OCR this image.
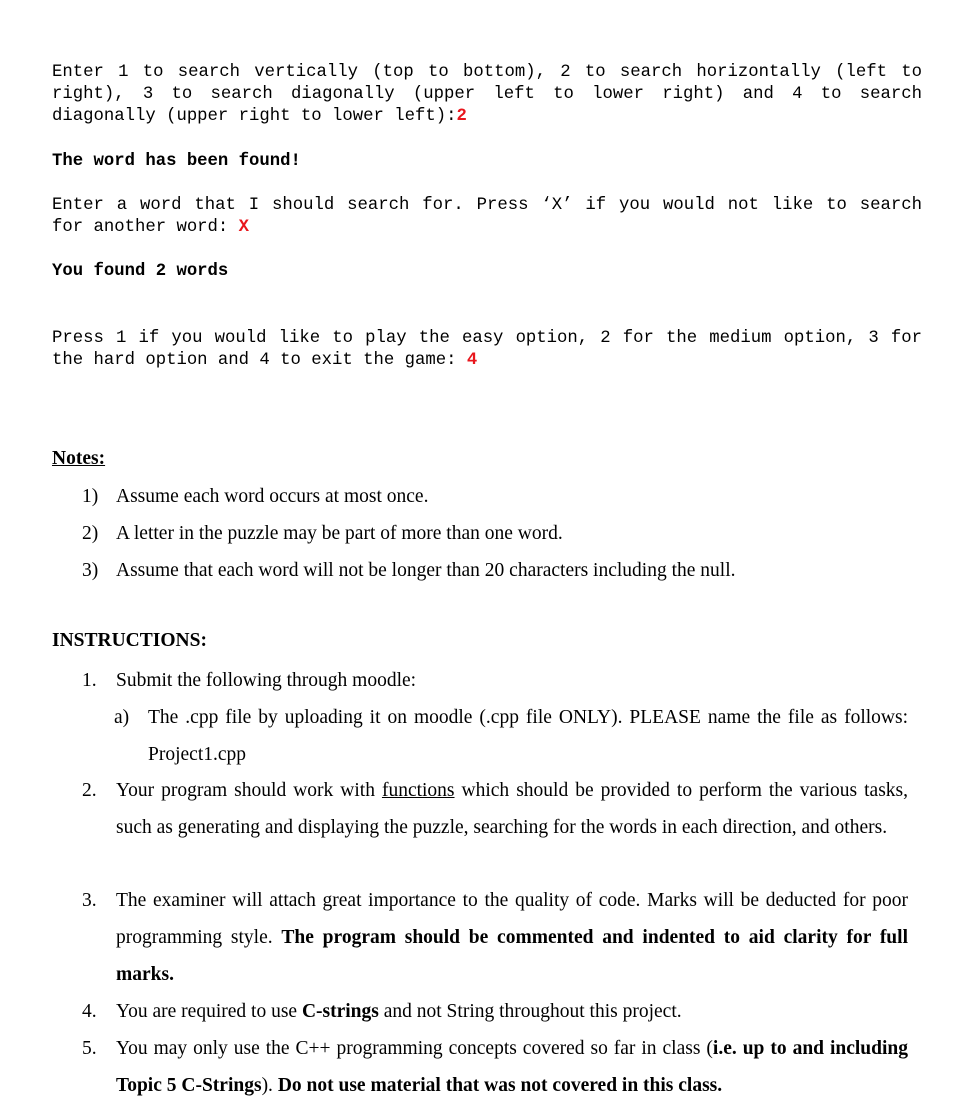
Enter 1 to search vertically (top to bottom), 2 to search horizontally (left to right), 3 to search diagonally (upper left to lower right) and 4 to search diagonally (upper right to lower left):2

The word has been found!

Enter a word that I should search for. Press ‘X’ if you would not like to search for another word: X

You found 2 words

Press 1 if you would like to play the easy option, 2 for the medium option, 3 for the hard option and 4 to exit the game: 4

Notes:
1) Assume each word occurs at most once.
2) A letter in the puzzle may be part of more than one word.
3) Assume that each word will not be longer than 20 characters including the null.
INSTRUCTIONS:
1. Submit the following through moodle:
a) The .cpp file by uploading it on moodle (.cpp file ONLY). PLEASE name the file as follows: Project1.cpp
2. Your program should work with functions which should be provided to perform the various tasks, such as generating and displaying the puzzle, searching for the words in each direction, and others.
3. The examiner will attach great importance to the quality of code. Marks will be deducted for poor programming style. The program should be commented and indented to aid clarity for full marks.
4. You are required to use C-strings and not String throughout this project.
5. You may only use the C++ programming concepts covered so far in class (i.e. up to and including Topic 5 C-Strings). Do not use material that was not covered in this class.
